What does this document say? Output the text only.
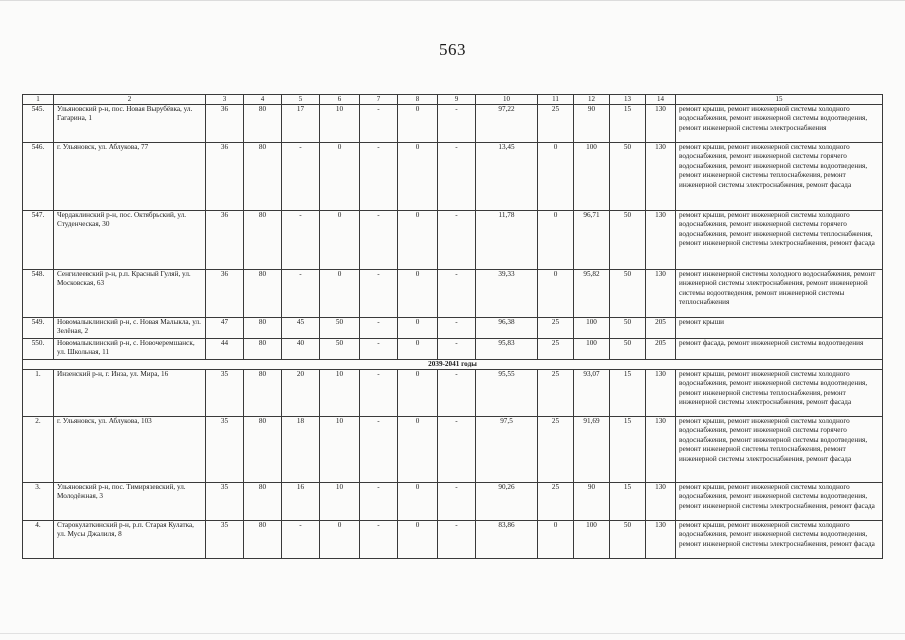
563
1	2	3	4	5	6	7	8	9	10	11	12	13	14	15
545.	Ульяновский р-н, пос. Новая Вырубёвка, ул. Гагарина, 1	36	80	17	10	-	0	-	97,22	25	90	15	130	ремонт крыши, ремонт инженерной системы холодного водоснабжения, ремонт инженерной системы водоотведения, ремонт инженерной системы электроснабжения
546.	г. Ульяновск, ул. Аблукова, 77	36	80	-	0	-	0	-	13,45	0	100	50	130	ремонт крыши, ремонт инженерной системы холодного водоснабжения, ремонт инженерной системы горячего водоснабжения, ремонт инженерной системы водоотведения, ремонт инженерной системы теплоснабжения, ремонт инженерной системы электроснабжения, ремонт фасада
547.	Чердаклинский р-н, пос. Октябрьский, ул. Студенческая, 30	36	80	-	0	-	0	-	11,78	0	96,71	50	130	ремонт крыши, ремонт инженерной системы холодного водоснабжения, ремонт инженерной системы горячего водоснабжения, ремонт инженерной системы теплоснабжения, ремонт инженерной системы электроснабжения, ремонт фасада
548.	Сенгилеевский р-н, р.п. Красный Гуляй, ул. Московская, 63	36	80	-	0	-	0	-	39,33	0	95,82	50	130	ремонт инженерной системы холодного водоснабжения, ремонт инженерной системы электроснабжения, ремонт инженерной системы водоотведения, ремонт инженерной системы теплоснабжения
549.	Новомалыклинский р-н, с. Новая Малыкла, ул. Зелёная, 2	47	80	45	50	-	0	-	96,38	25	100	50	205	ремонт крыши
550.	Новомалыклинский р-н, с. Новочеремшанск, ул. Школьная, 11	44	80	40	50	-	0	-	95,83	25	100	50	205	ремонт фасада, ремонт инженерной системы водоотведения
2039-2041 годы														
1.	Инзенский р-н, г. Инза, ул. Мира, 16	35	80	20	10	-	0	-	95,55	25	93,07	15	130	ремонт крыши, ремонт инженерной системы холодного водоснабжения, ремонт инженерной системы водоотведения, ремонт инженерной системы теплоснабжения, ремонт инженерной системы электроснабжения, ремонт фасада
2.	г. Ульяновск, ул. Аблукова, 103	35	80	18	10	-	0	-	97,5	25	91,69	15	130	ремонт крыши, ремонт инженерной системы холодного водоснабжения, ремонт инженерной системы горячего водоснабжения, ремонт инженерной системы водоотведения, ремонт инженерной системы теплоснабжения, ремонт инженерной системы электроснабжения, ремонт фасада
3.	Ульяновский р-н, пос. Тимирязевский, ул. Молодёжная, 3	35	80	16	10	-	0	-	90,26	25	90	15	130	ремонт крыши, ремонт инженерной системы холодного водоснабжения, ремонт инженерной системы водоотведения, ремонт инженерной системы электроснабжения, ремонт фасада
4.	Старокулаткинский р-н, р.п. Старая Кулатка, ул. Мусы Джалиля, 8	35	80	-	0	-	0	-	83,86	0	100	50	130	ремонт крыши, ремонт инженерной системы холодного водоснабжения, ремонт инженерной системы водоотведения, ремонт инженерной системы электроснабжения, ремонт фасада
